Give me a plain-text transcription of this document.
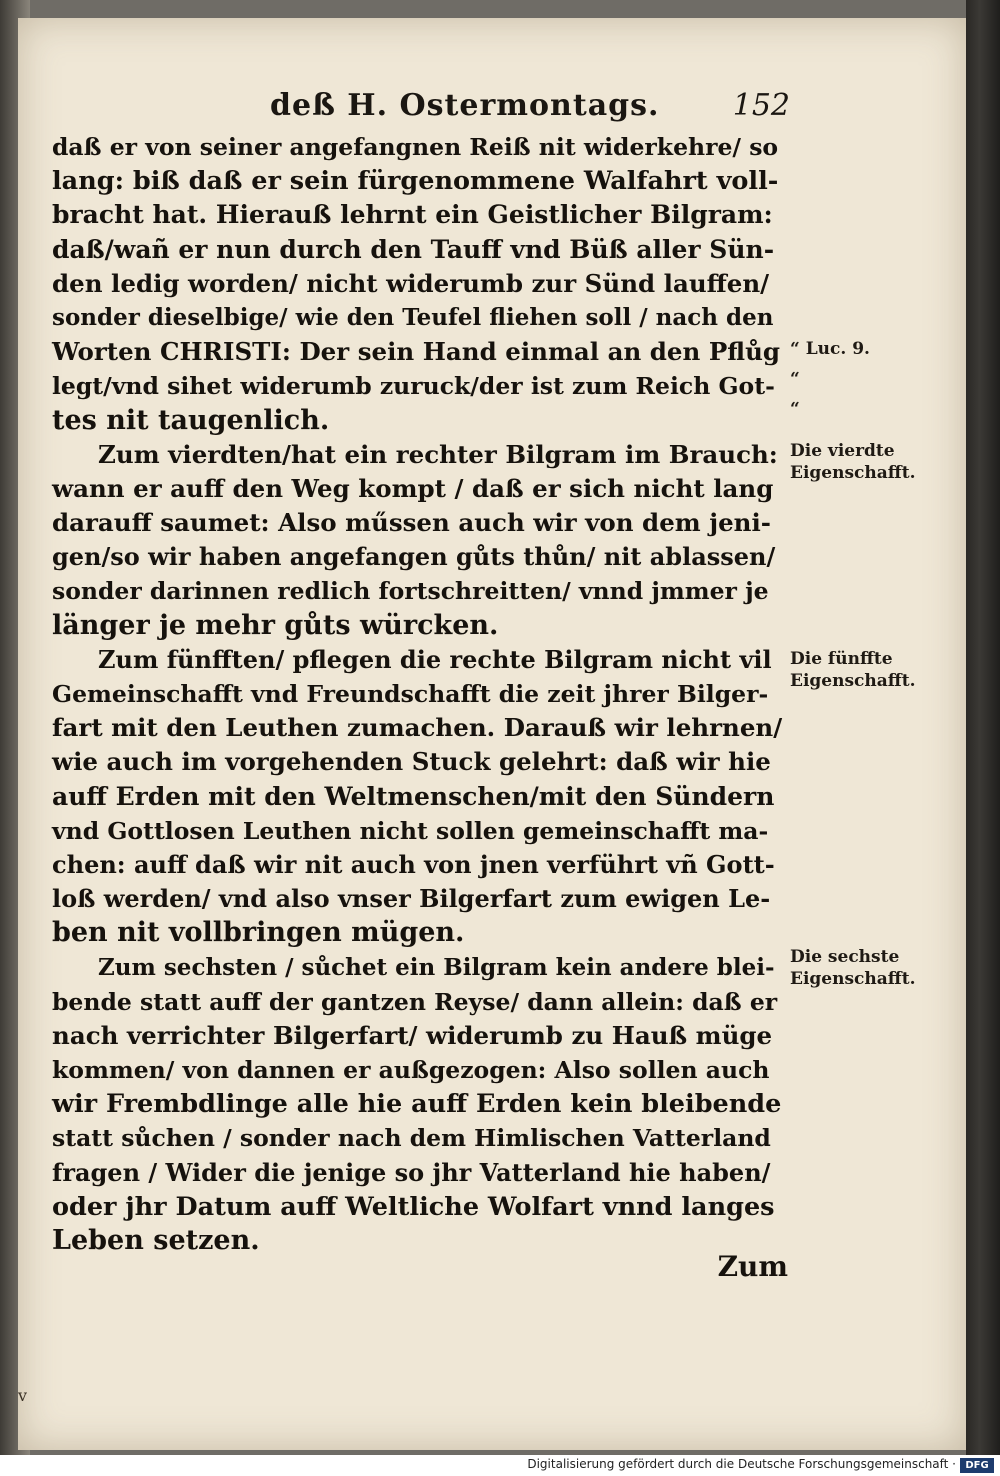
deß H. Ostermontags. 152
daß er von seiner angefangnen Reiß nit widerkehre/ so
lang: biß daß er sein fürgenommene Walfahrt voll-
bracht hat. Hierauß lehrnt ein Geistlicher Bilgram:
daß/wañ er nun durch den Tauff vnd Büß aller Sün-
den ledig worden/ nicht widerumb zur Sünd lauffen/
sonder dieselbige/ wie den Teufel fliehen soll / nach den
Worten CHRISTI: Der sein Hand einmal an den Pflůg
legt/vnd sihet widerumb zuruck/der ist zum Reich Got-
tes nit taugenlich.
Zum vierdten/hat ein rechter Bilgram im Brauch:
wann er auff den Weg kompt / daß er sich nicht lang
darauff saumet: Also műssen auch wir von dem jeni-
gen/so wir haben angefangen gůts thůn/ nit ablassen/
sonder darinnen redlich fortschreitten/ vnnd jmmer je
länger je mehr gůts würcken.
Zum fünfften/ pflegen die rechte Bilgram nicht vil
Gemeinschafft vnd Freundschafft die zeit jhrer Bilger-
fart mit den Leuthen zumachen. Darauß wir lehrnen/
wie auch im vorgehenden Stuck gelehrt: daß wir hie
auff Erden mit den Weltmenschen/mit den Sündern
vnd Gottlosen Leuthen nicht sollen gemeinschafft ma-
chen: auff daß wir nit auch von jnen verführt vñ Gott-
loß werden/ vnd also vnser Bilgerfart zum ewigen Le-
ben nit vollbringen mügen.
Zum sechsten / sůchet ein Bilgram kein andere blei-
bende statt auff der gantzen Reyse/ dann allein: daß er
nach verrichter Bilgerfart/ widerumb zu Hauß müge
kommen/ von dannen er außgezogen: Also sollen auch
wir Frembdlinge alle hie auff Erden kein bleibende
statt sůchen / sonder nach dem Himlischen Vatterland
fragen / Wider die jenige so jhr Vatterland hie haben/
oder jhr Datum auff Weltliche Wolfart vnnd langes
Leben setzen.
“ Luc. 9.
“
“
Die vierdte Eigenschafft.
Die fünffte Eigenschafft.
Die sechste Eigenschafft.
Zum
v
Digitalisierung gefördert durch die Deutsche Forschungsgemeinschaft · DFG
